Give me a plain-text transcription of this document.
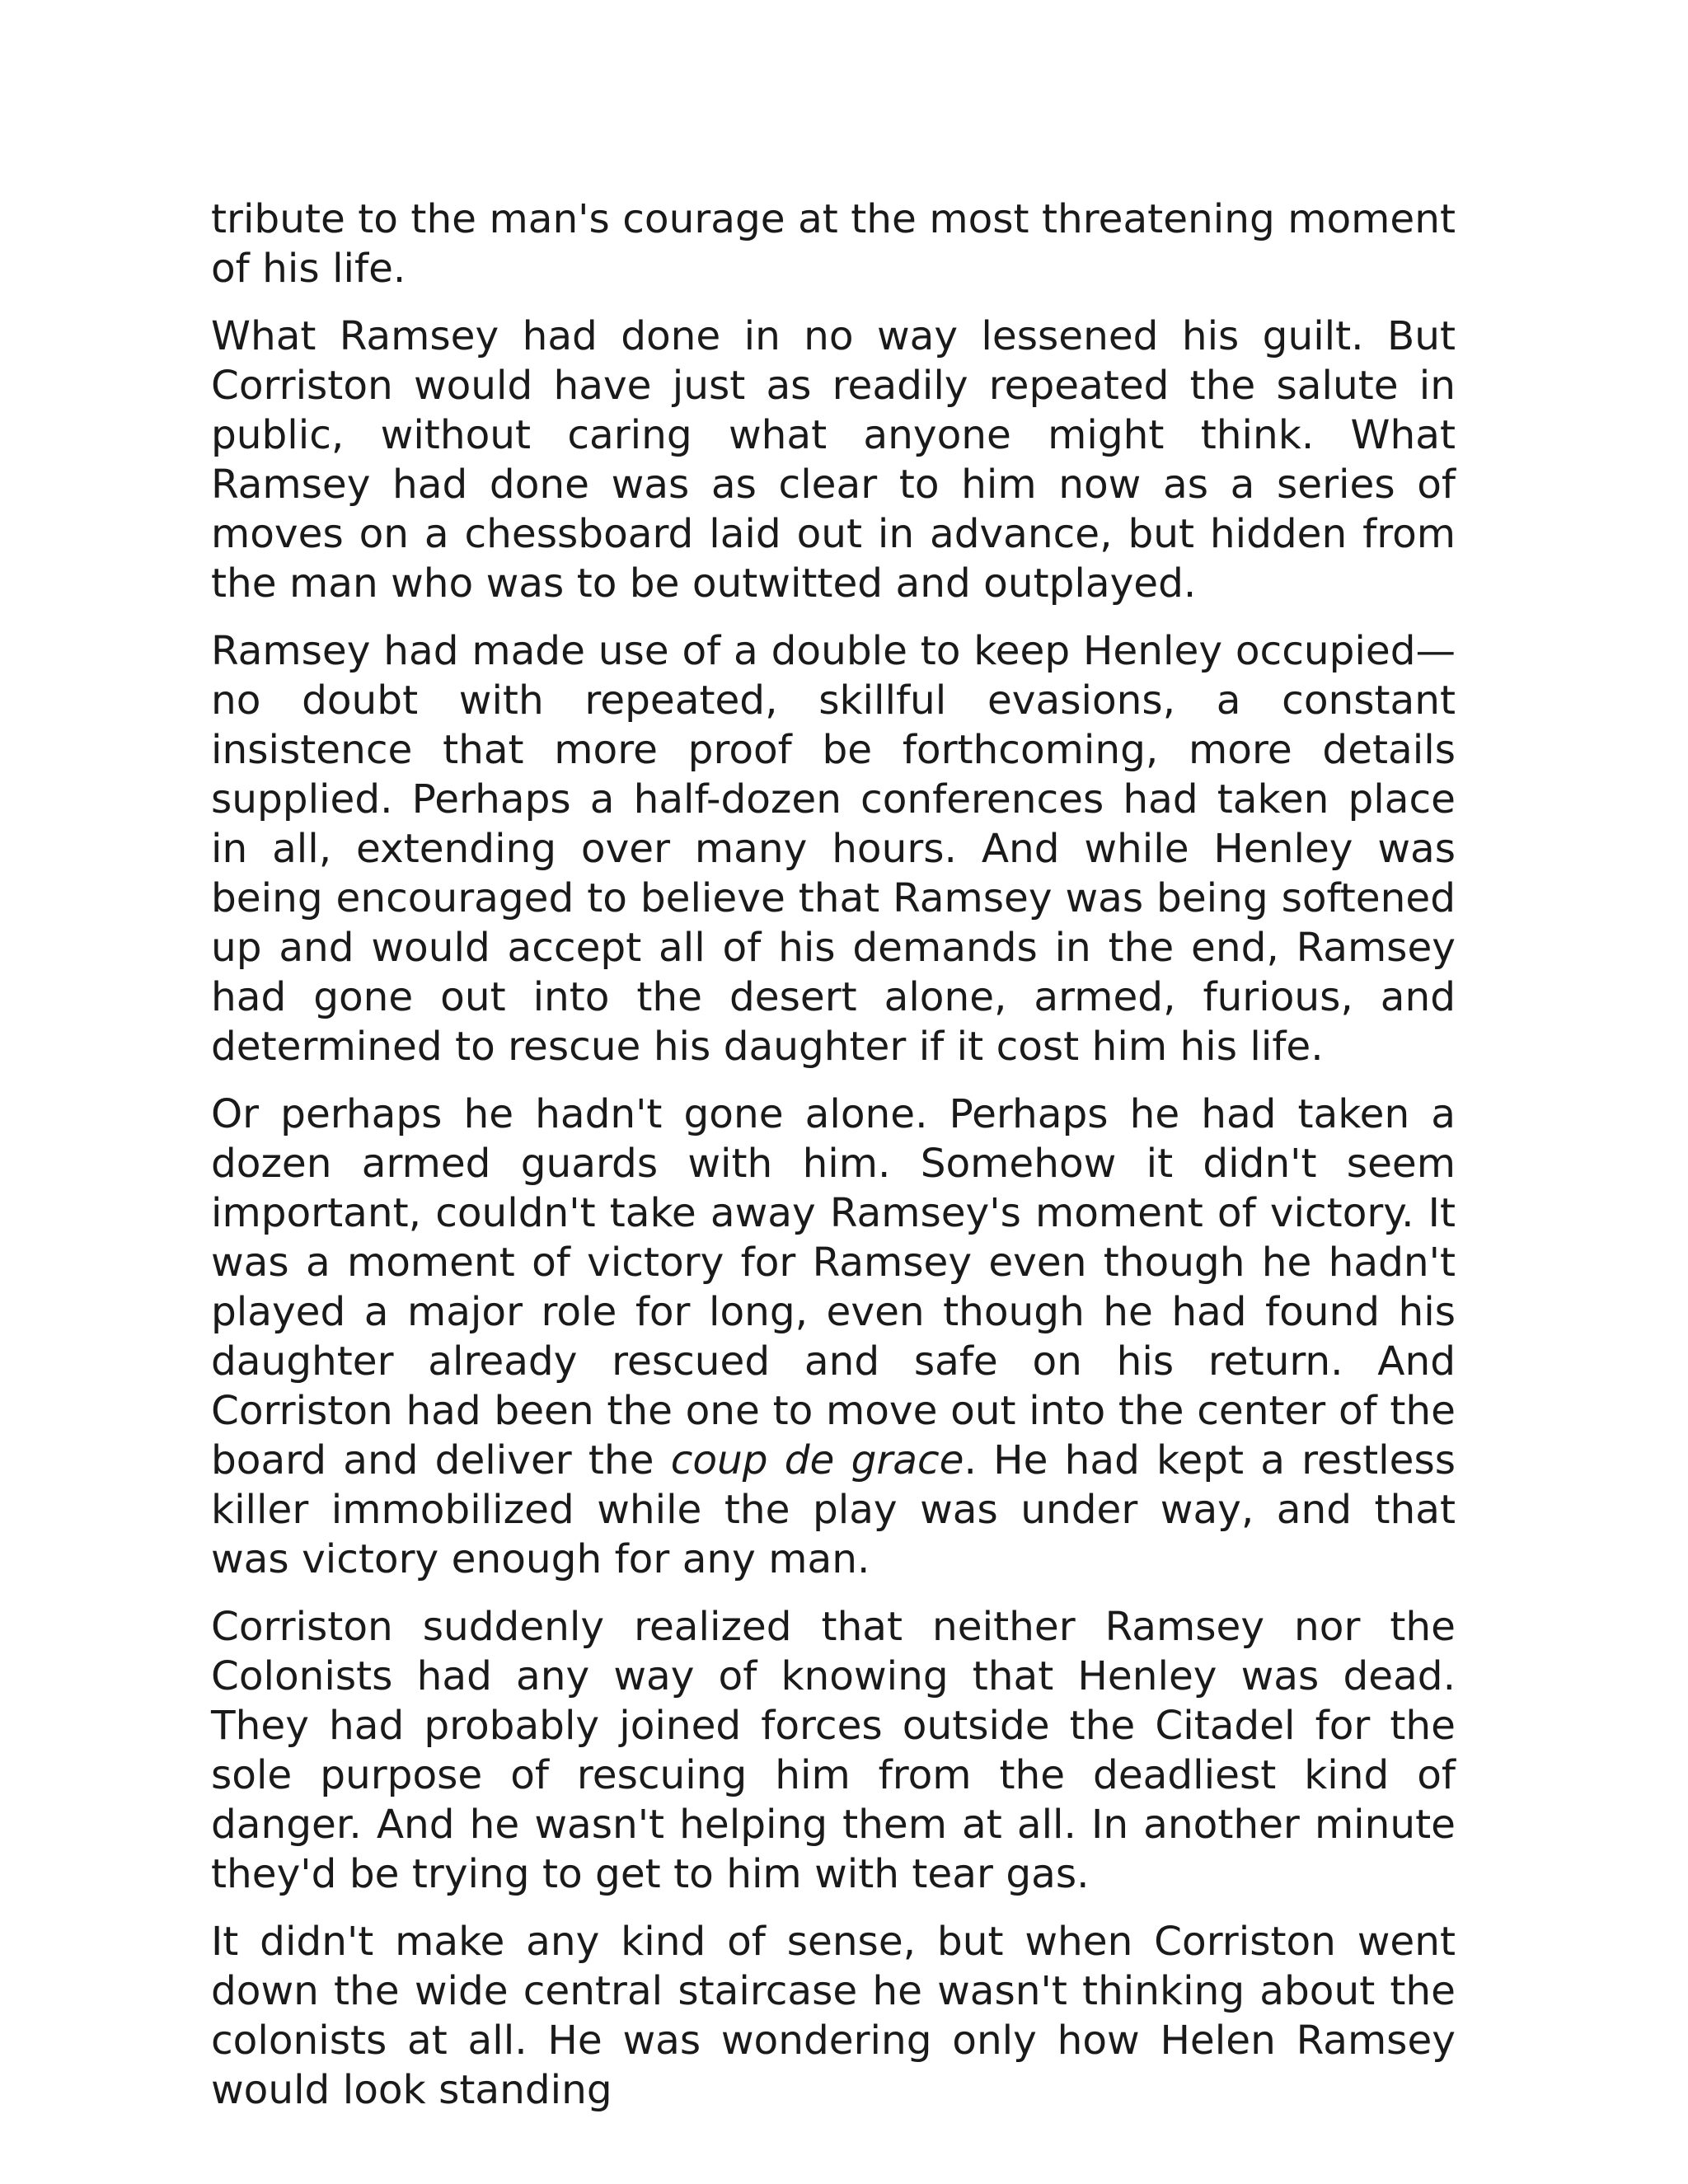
tribute to the man's courage at the most threatening moment of his life.

What Ramsey had done in no way lessened his guilt. But Corriston would have just as readily repeated the salute in public, without caring what anyone might think. What Ramsey had done was as clear to him now as a series of moves on a chessboard laid out in advance, but hidden from the man who was to be outwitted and outplayed.

Ramsey had made use of a double to keep Henley occupied—no doubt with repeated, skillful evasions, a constant insistence that more proof be forthcoming, more details supplied. Perhaps a half-dozen conferences had taken place in all, extending over many hours. And while Henley was being encouraged to believe that Ramsey was being softened up and would accept all of his demands in the end, Ramsey had gone out into the desert alone, armed, furious, and determined to rescue his daughter if it cost him his life.

Or perhaps he hadn't gone alone. Perhaps he had taken a dozen armed guards with him. Somehow it didn't seem important, couldn't take away Ramsey's moment of victory. It was a moment of victory for Ramsey even though he hadn't played a major role for long, even though he had found his daughter already rescued and safe on his return. And Corriston had been the one to move out into the center of the board and deliver the coup de grace. He had kept a restless killer immobilized while the play was under way, and that was victory enough for any man.

Corriston suddenly realized that neither Ramsey nor the Colonists had any way of knowing that Henley was dead. They had probably joined forces outside the Citadel for the sole purpose of rescuing him from the deadliest kind of danger. And he wasn't helping them at all. In another minute they'd be trying to get to him with tear gas.

It didn't make any kind of sense, but when Corriston went down the wide central staircase he wasn't thinking about the colonists at all. He was wondering only how Helen Ramsey would look standing
